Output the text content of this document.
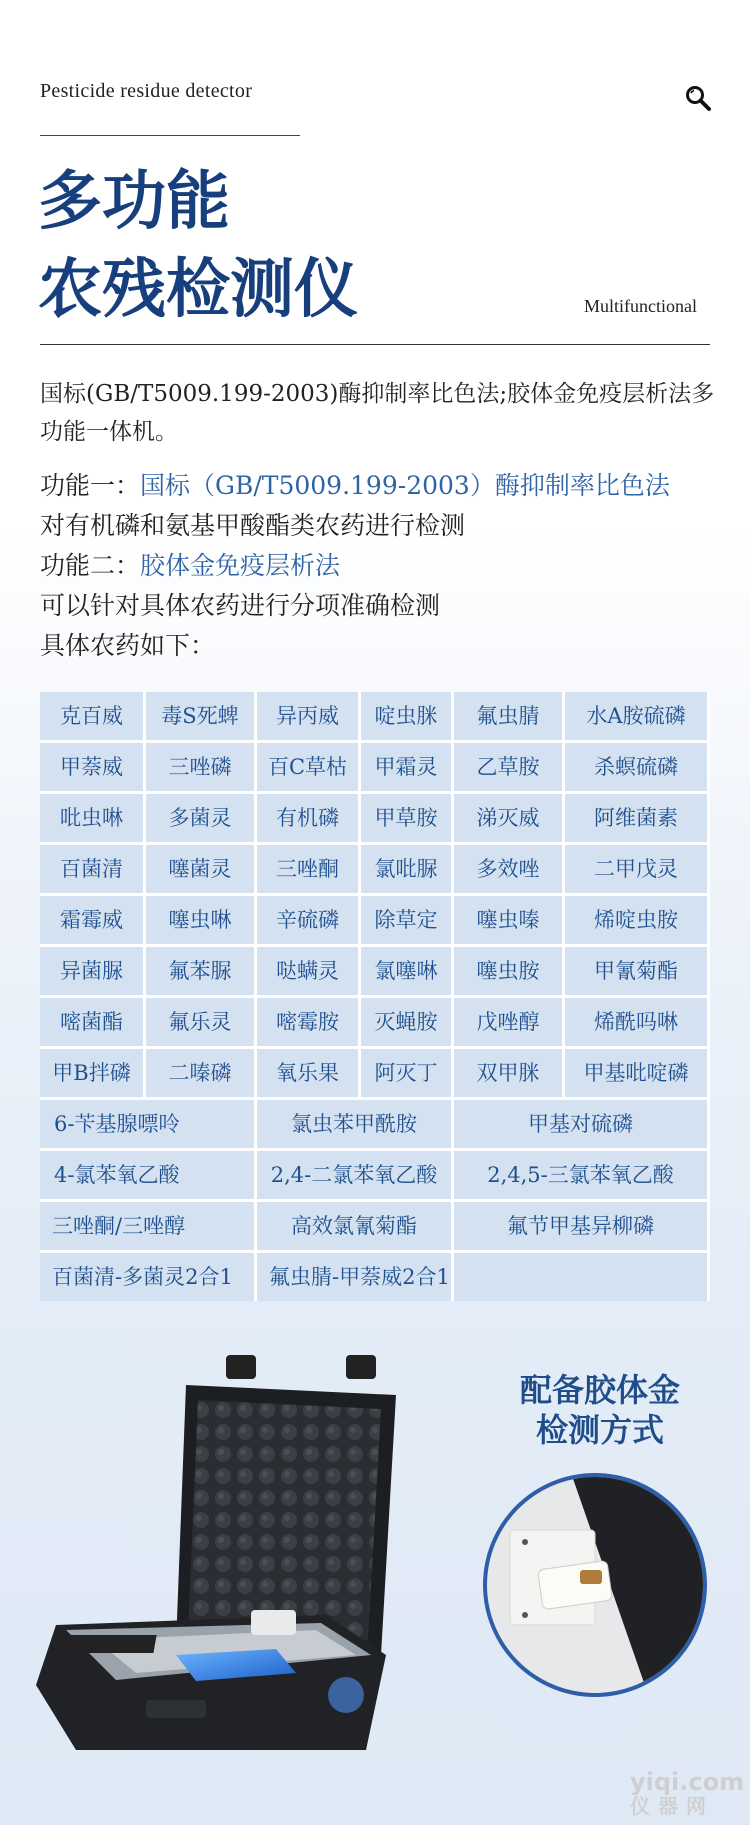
Pesticide residue detector
多功能
农残检测仪	Multifunctional
国标(GB/T5009.199-2003)酶抑制率比色法;胶体金免疫层析法多功能一体机。
功能一：国标（GB/T5009.199-2003）酶抑制率比色法
对有机磷和氨基甲酸酯类农药进行检测
功能二：胶体金免疫层析法
可以针对具体农药进行分项准确检测
具体农药如下：
克百威	毒S死蜱	异丙威	啶虫脒	氟虫腈	水A胺硫磷
甲萘威	三唑磷	百C草枯	甲霜灵	乙草胺	杀螟硫磷
吡虫啉	多菌灵	有机磷	甲草胺	涕灭威	阿维菌素
百菌清	噻菌灵	三唑酮	氯吡脲	多效唑	二甲戊灵
霜霉威	噻虫啉	辛硫磷	除草定	噻虫嗪	烯啶虫胺
异菌脲	氟苯脲	哒螨灵	氯噻啉	噻虫胺	甲氰菊酯
嘧菌酯	氟乐灵	嘧霉胺	灭蝇胺	戊唑醇	烯酰吗啉
甲B拌磷	二嗪磷	氧乐果	阿灭丁	双甲脒	甲基吡啶磷
6-苄基腺嘌呤	氯虫苯甲酰胺	甲基对硫磷
4-氯苯氧乙酸	2,4-二氯苯氧乙酸	2,4,5-三氯苯氧乙酸
三唑酮/三唑醇	高效氯氰菊酯	氟节甲基异柳磷
百菌清-多菌灵2合1	氟虫腈-甲萘威2合1
配备胶体金
检测方式
yiqi.com
仪器网
